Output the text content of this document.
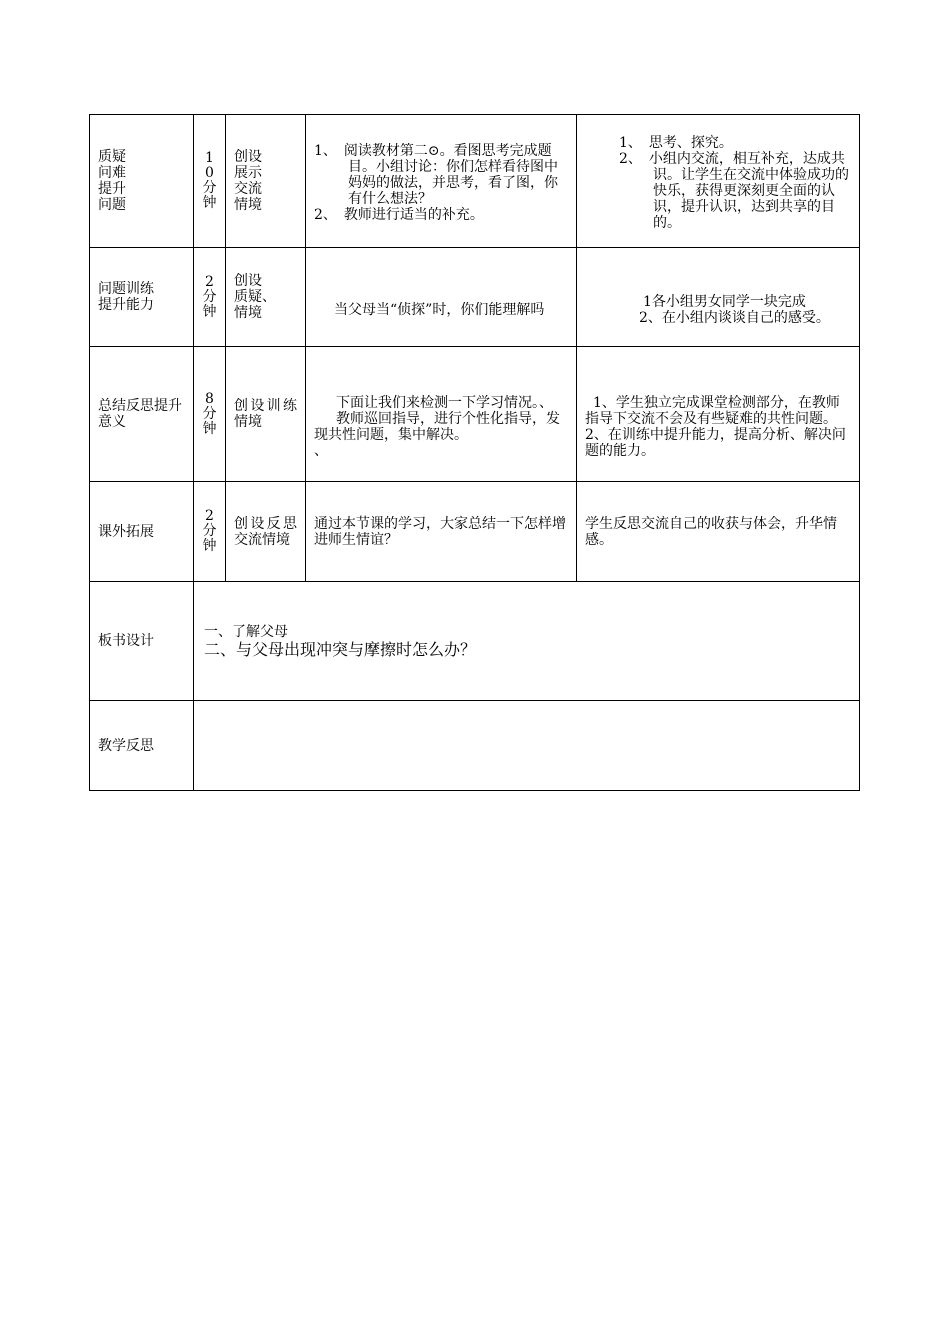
质疑
问难
提升
问题	1
0
分
钟	创设
展示
交流
情境	1、　阅读教材第二⊙。看图思考完成题目。小组讨论：你们怎样看待图中妈妈的做法，并思考，看了图，你有什么想法？
2、　教师进行适当的补充。	1、　思考、探究。
2、　小组内交流，相互补充，达成共识。让学生在交流中体验成功的快乐，获得更深刻更全面的认识，提升认识，达到共享的目的。

问题训练
提升能力	2
分
钟	创设
质疑、
情境	当父母当“侦探”时，你们能理解吗	1各小组男女同学一块完成
2、在小组内谈谈自己的感受。

总结反思提升意义	8
分
钟	创设训练情境	下面让我们来检测一下学习情况。、
教师巡回指导，进行个性化指导，发现共性问题，集中解决。
、	1、学生独立完成课堂检测部分，在教师指导下交流不会及有些疑难的共性问题。
2、在训练中提升能力，提高分析、解决问题的能力。

课外拓展	2
分
钟	创设反思交流情境	通过本节课的学习，大家总结一下怎样增进师生情谊？	学生反思交流自己的收获与体会，升华情感。

板书设计	一、了解父母
二、与父母出现冲突与摩擦时怎么办？			

教学反思				
